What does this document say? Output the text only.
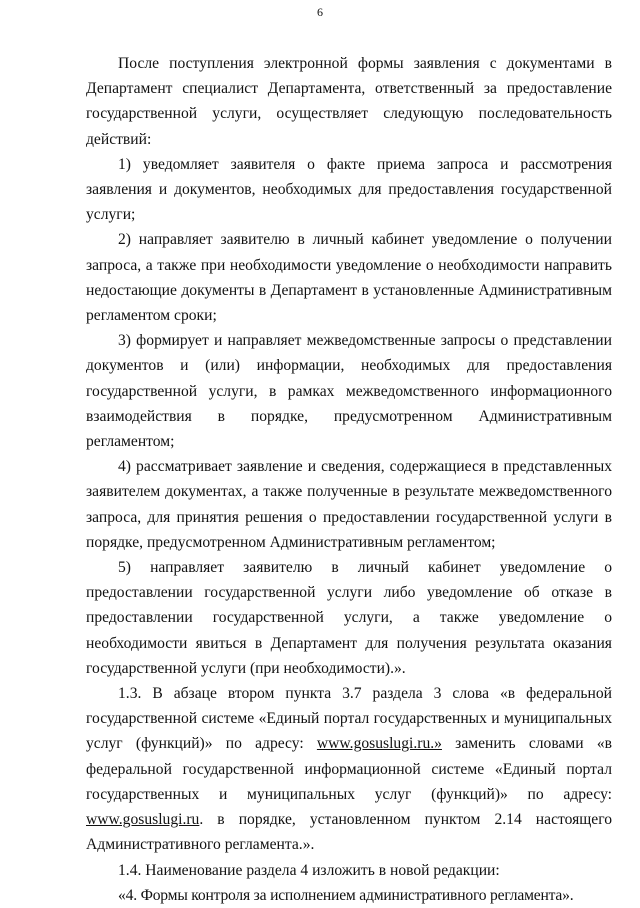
6

После поступления электронной формы заявления с документами в Департамент специалист Департамента, ответственный за предоставление государственной услуги, осуществляет следующую последовательность действий:

1) уведомляет заявителя о факте приема запроса и рассмотрения заявления и документов, необходимых для предоставления государственной услуги;

2) направляет заявителю в личный кабинет уведомление о получении запроса, а также при необходимости уведомление о необходимости направить недостающие документы в Департамент в установленные Административным регламентом сроки;

3) формирует и направляет межведомственные запросы о представлении документов и (или) информации, необходимых для предоставления государственной услуги, в рамках межведомственного информационного взаимодействия в порядке, предусмотренном Административным регламентом;

4) рассматривает заявление и сведения, содержащиеся в представленных заявителем документах, а также полученные в результате межведомственного запроса, для принятия решения о предоставлении государственной услуги в порядке, предусмотренном Административным регламентом;

5) направляет заявителю в личный кабинет уведомление о предоставлении государственной услуги либо уведомление об отказе в предоставлении государственной услуги, а также уведомление о необходимости явиться в Департамент для получения результата оказания государственной услуги (при необходимости).».

1.3. В абзаце втором пункта 3.7 раздела 3 слова «в федеральной государственной системе «Единый портал государственных и муниципальных услуг (функций)» по адресу: www.gosuslugi.ru.» заменить словами «в федеральной государственной информационной системе «Единый портал государственных и муниципальных услуг (функций)» по адресу: www.gosuslugi.ru. в порядке, установленном пунктом 2.14 настоящего Административного регламента.».

1.4. Наименование раздела 4 изложить в новой редакции:

«4. Формы контроля за исполнением административного регламента».
